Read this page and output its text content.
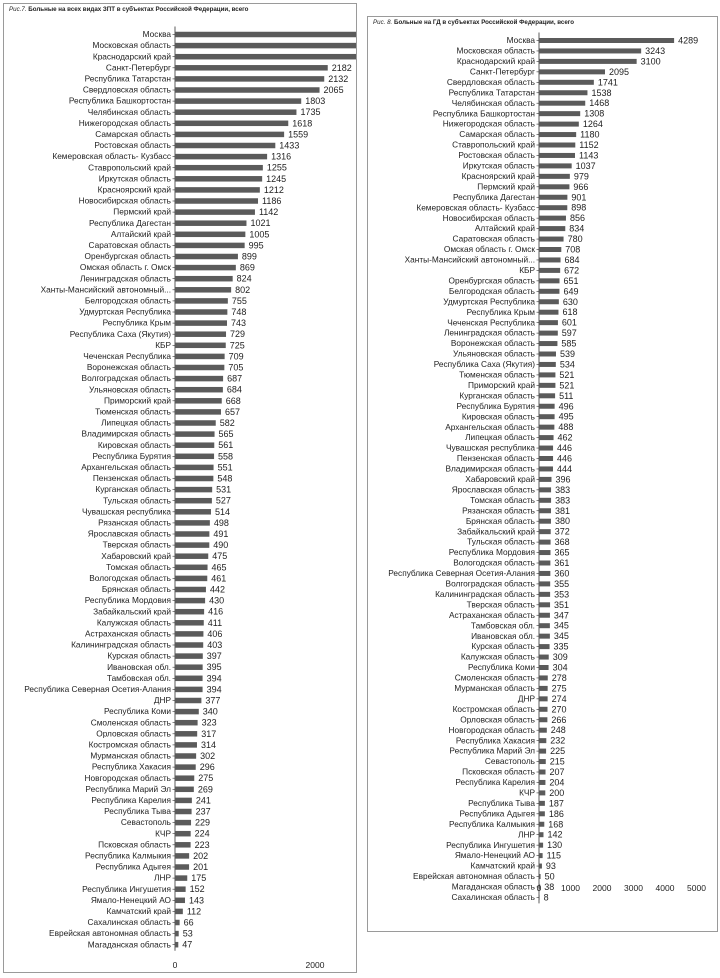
Рис.7. Больные на всех видах ЗПТ в субъектах Российской Федерации, всего
Москва
Московская область
Краснодарский край
Санкт-Петербург	2182
Республика Татарстан	2132
Свердловская область	2065
Республика Башкортостан	1803
Челябинская область	1735
Нижегородская область	1618
Самарская область	1559
Ростовская область	1433
Кемеровская область- Кузбасс	1316
Ставропольский край	1255
Иркутская область	1245
Красноярский край	1212
Новосибирская область	1186
Пермский край	1142
Республика Дагестан	1021
Алтайский край	1005
Саратовская область	995
Оренбургская область	899
Омская область г. Омск	869
Ленинградская область	824
Ханты-Мансийский автономный...	802
Белгородская область	755
Удмуртская Республика	748
Республика Крым	743
Республика Саха (Якутия)	729
КБР	725
Чеченская Республика	709
Воронежская область	705
Волгоградская область	687
Ульяновская область	684
Приморский край	668
Тюменская область	657
Липецкая область	582
Владимирская область	565
Кировская область	561
Республика Бурятия	558
Архангельская область	551
Пензенская область	548
Курганская область	531
Тульская область	527
Чувашская республика	514
Рязанская область	498
Ярославская область	491
Тверская область	490
Хабаровский край	475
Томская область	465
Вологодская область	461
Брянская область	442
Республика Мордовия	430
Забайкальский край	416
Калужская область	411
Астраханская область	406
Калининградская область	403
Курская область	397
Ивановская обл.	395
Тамбовская обл.	394
Республика Северная Осетия-Алания	394
ДНР	377
Республика Коми	340
Смоленская область	323
Орловская область	317
Костромская область	314
Мурманская область	302
Республика Хакасия	296
Новгородская область	275
Республика Марий Эл	269
Республика Карелия	241
Республика Тыва	237
Севастополь	229
КЧР	224
Псковская область	223
Республика Калмыкия 202
Республика Адыгея 201
ЛНР 175
Республика Ингушетия 152
Ямало-Ненецкий АО 143
Камчатский край 112
Сахалинская область 66
Еврейская автономная область 53
Магаданская область 47
0	2000
Рис. 8. Больные на ГД в субъектах Российской Федерации, всего
Москва	4289
Московская область	3243
Краснодарский край	3100
Санкт-Петербург	2095
Свердловская область	1741
Республика Татарстан	1538
Челябинская область	1468
Республика Башкортостан	1308
Нижегородская область	1264
Самарская область	1180
Ставропольский край	1152
Ростовская область	1143
Иркутская область	1037
Красноярский край	979
Пермский край	966
Республика Дагестан	901
Кемеровская область- Кузбасс	898
Новосибирская область	856
Алтайский край	834
Саратовская область	780
Омская область г. Омск	708
Ханты-Мансийский автономный...	684
КБР	672
Оренбургская область	651
Белгородская область	649
Удмуртская Республика	630
Республика Крым	618
Чеченская Республика	601
Ленинградская область	597
Воронежская область	585
Ульяновская область	539
Республика Саха (Якутия)	534
Тюменская область	521
Приморский край	521
Курганская область	511
Республика Бурятия	496
Кировская область	495
Архангельская область	488
Липецкая область	462
Чувашская республика 446
Пензенская область 446
Владимирская область 444
Хабаровский край 396
Ярославская область 383
Томская область 383
Рязанская область 381
Брянская область 380
Забайкальский край 372
Тульская область 368
Республика Мордовия 365
Вологодская область 361
Республика Северная Осетия-Алания 360
Волгоградская область 355
Калининградская область 353
Тверская область 351
Астраханская область 347
Тамбовская обл. 345
Ивановская обл. 345
Курская область 335
Калужская область 309
Республика Коми 304
Смоленская область 278
Мурманская область 275
ДНР 274
Костромская область 270
Орловская область 266
Новгородская область 248
Республика Хакасия 232
Республика Марий Эл 225
Севастополь 215
Псковская область 207
Республика Карелия 204
КЧР 200
Республика Тыва 187
Республика Адыгея 186
Республика Калмыкия 168
ЛНР 142
Республика Ингушетия 130
Ямало-Ненецкий АО 115
Камчатский край 93
Еврейская автономная область 50
Магаданская область 38
Сахалинская область 8
0 1000 2000 3000 4000 5000
